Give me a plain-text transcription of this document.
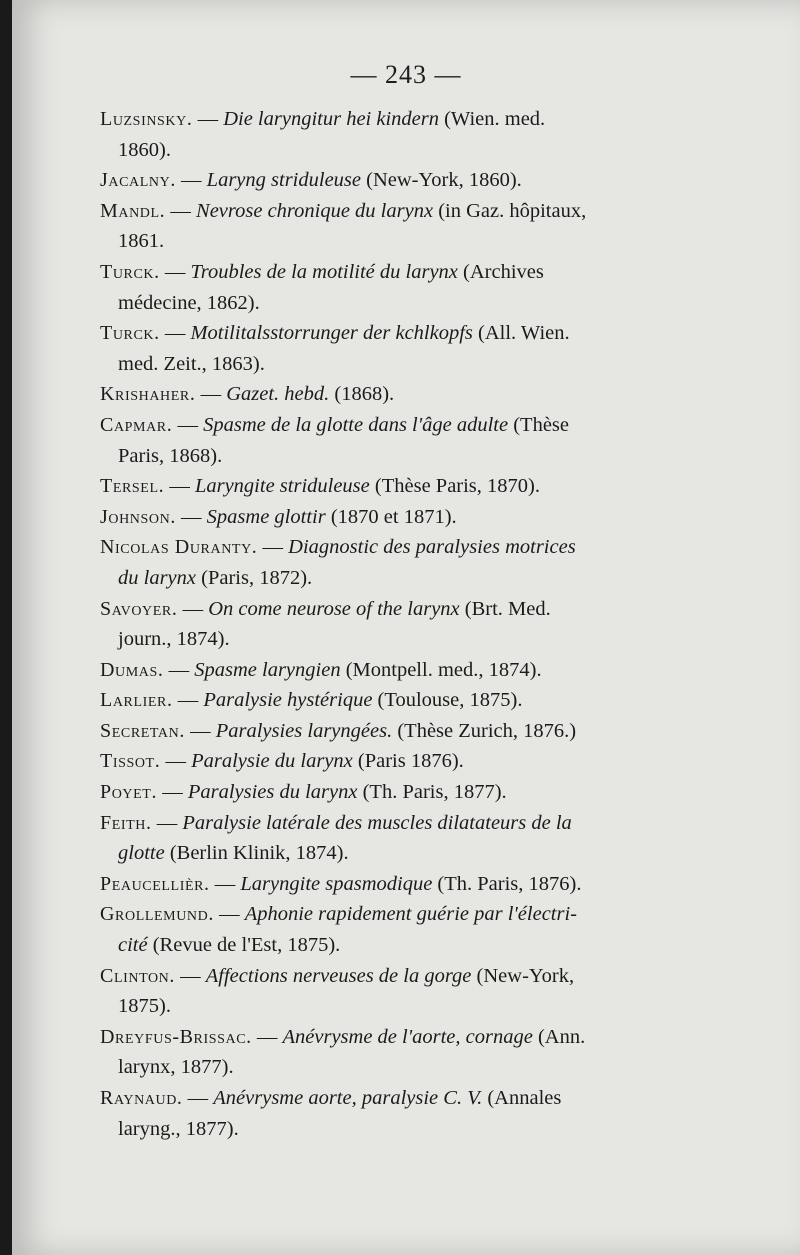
— 243 —
Luzsinsky. — Die laryngitur hei kindern (Wien. med.
1860).
Jacalny. — Laryng striduleuse (New-York, 1860).
Mandl. — Nevrose chronique du larynx (in Gaz. hôpitaux,
1861.
Turck. — Troubles de la motilité du larynx (Archives
médecine, 1862).
Turck. — Motilitalsstorrunger der kchlkopfs (All. Wien.
med. Zeit., 1863).
Krishaher. — Gazet. hebd. (1868).
Capmar. — Spasme de la glotte dans l'âge adulte (Thèse
Paris, 1868).
Tersel. — Laryngite striduleuse (Thèse Paris, 1870).
Johnson. — Spasme glottir (1870 et 1871).
Nicolas Duranty. — Diagnostic des paralysies motrices
du larynx (Paris, 1872).
Savoyer. — On come neurose of the larynx (Brt. Med.
journ., 1874).
Dumas. — Spasme laryngien (Montpell. med., 1874).
Larlier. — Paralysie hystérique (Toulouse, 1875).
Secretan. — Paralysies laryngées. (Thèse Zurich, 1876.)
Tissot. — Paralysie du larynx (Paris 1876).
Poyet. — Paralysies du larynx (Th. Paris, 1877).
Feith. — Paralysie latérale des muscles dilatateurs de la
glotte (Berlin Klinik, 1874).
Peaucellièr. — Laryngite spasmodique (Th. Paris, 1876).
Grollemund. — Aphonie rapidement guérie par l'électri-
cité (Revue de l'Est, 1875).
Clinton. — Affections nerveuses de la gorge (New-York,
1875).
Dreyfus-Brissac. — Anévrysme de l'aorte, cornage (Ann.
larynx, 1877).
Raynaud. — Anévrysme aorte, paralysie C. V. (Annales
laryng., 1877).
